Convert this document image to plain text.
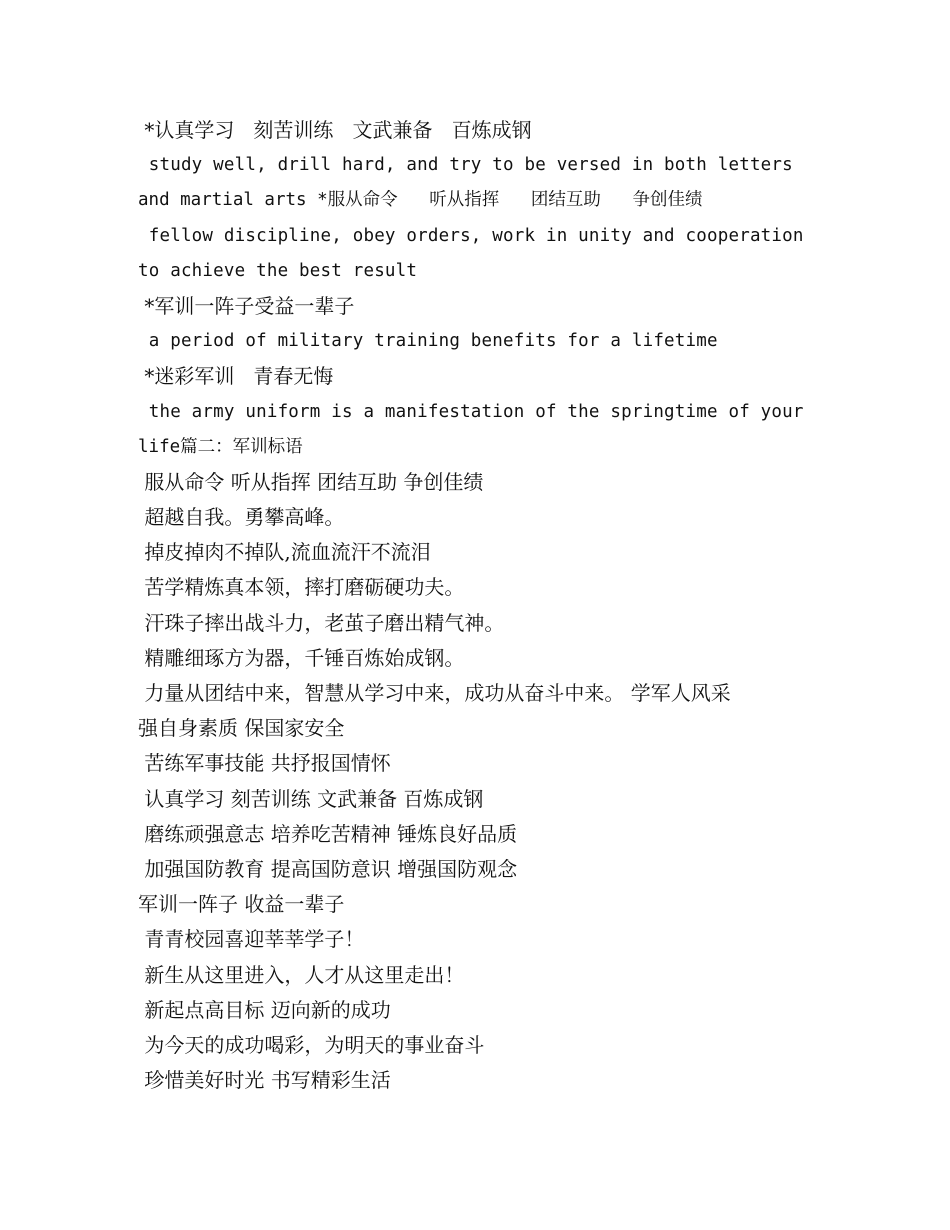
*认真学习   刻苦训练   文武兼备   百炼成钢
study well, drill hard, and try to be versed in both letters
and martial arts *服从命令   听从指挥   团结互助   争创佳绩
fellow discipline, obey orders, work in unity and cooperation
to achieve the best result
*军训一阵子受益一辈子
a period of military training benefits for a lifetime
*迷彩军训   青春无悔
the army uniform is a manifestation of the springtime of your
life篇二：军训标语
服从命令 听从指挥 团结互助 争创佳绩
超越自我。勇攀高峰。
掉皮掉肉不掉队,流血流汗不流泪
苦学精炼真本领，摔打磨砺硬功夫。
汗珠子摔出战斗力，老茧子磨出精气神。
精雕细琢方为器，千锤百炼始成钢。
力量从团结中来，智慧从学习中来，成功从奋斗中来。 学军人风采
强自身素质 保国家安全
苦练军事技能 共抒报国情怀
认真学习 刻苦训练 文武兼备 百炼成钢
磨练顽强意志 培养吃苦精神 锤炼良好品质
加强国防教育 提高国防意识 增强国防观念
军训一阵子 收益一辈子
青青校园喜迎莘莘学子！
新生从这里进入，人才从这里走出！
新起点高目标 迈向新的成功
为今天的成功喝彩，为明天的事业奋斗
珍惜美好时光 书写精彩生活
